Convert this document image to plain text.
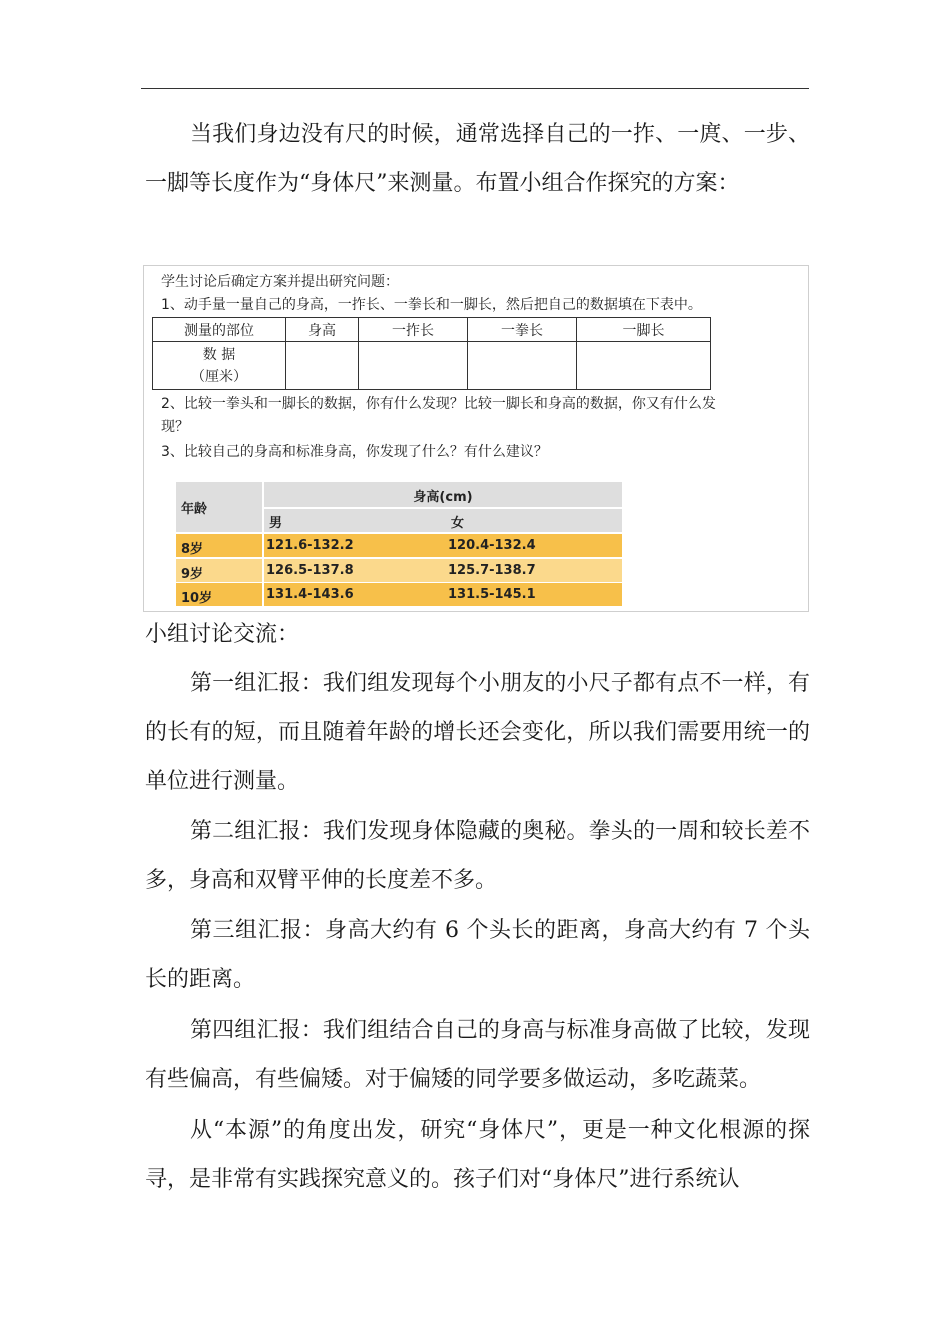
当我们身边没有尺的时候，通常选择自己的一拃、一庹、一步、一脚等长度作为“身体尺”来测量。布置小组合作探究的方案：

学生讨论后确定方案并提出研究问题：

1、动手量一量自己的身高，一拃长、一拳长和一脚长，然后把自己的数据填在下表中。

测量的部位	身高	一拃长	一拳长	一脚长

数 据
（厘米）				

2、比较一拳头和一脚长的数据，你有什么发现？比较一脚长和身高的数据，你又有什么发

现？

3、比较自己的身高和标准身高，你发现了什么？有什么建议？

年龄
身高(cm)
男	女
8岁	121.6-132.2	120.4-132.4
9岁	126.5-137.8	125.7-138.7
10岁	131.4-143.6	131.5-145.1

小组讨论交流：

第一组汇报：我们组发现每个小朋友的小尺子都有点不一样，有的长有的短，而且随着年龄的增长还会变化，所以我们需要用统一的单位进行测量。

第二组汇报：我们发现身体隐藏的奥秘。拳头的一周和较长差不多，身高和双臂平伸的长度差不多。

第三组汇报：身高大约有 6 个头长的距离，身高大约有 7 个头长的距离。

第四组汇报：我们组结合自己的身高与标准身高做了比较，发现有些偏高，有些偏矮。对于偏矮的同学要多做运动，多吃蔬菜。

从“本源”的角度出发，研究“身体尺”，更是一种文化根源的探寻，是非常有实践探究意义的。孩子们对“身体尺”进行系统认
